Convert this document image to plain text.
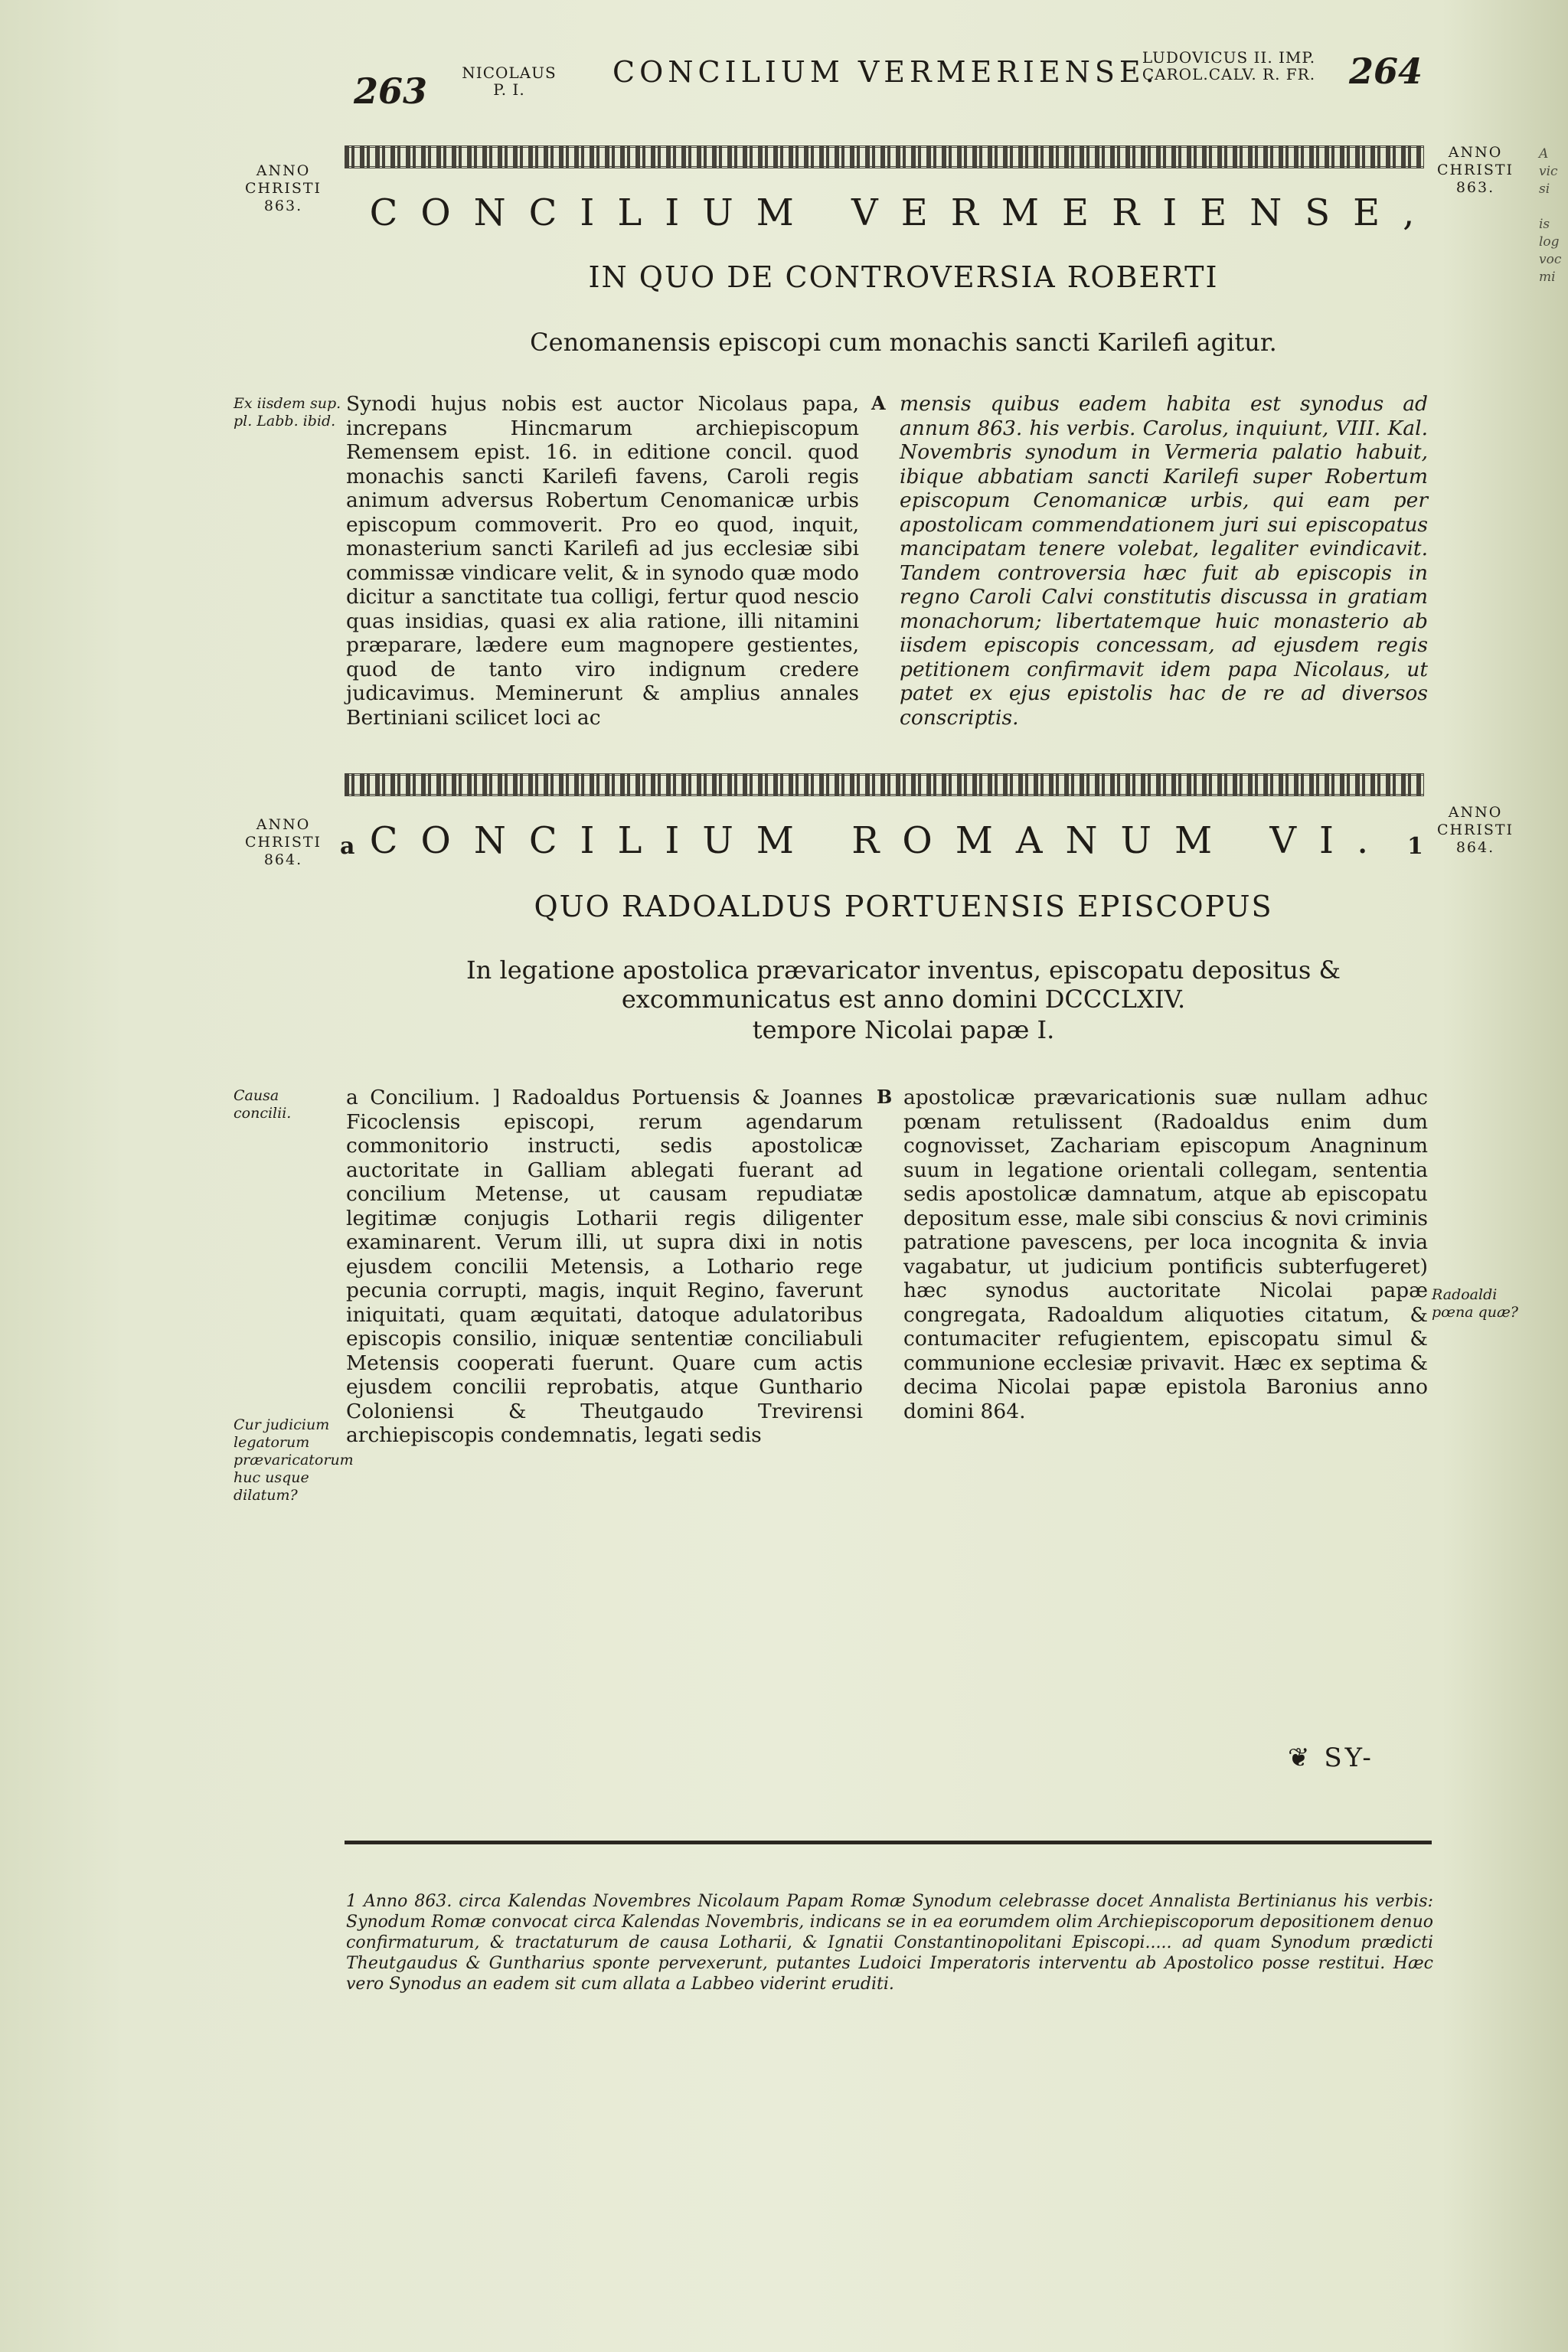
263 NICOLAUS
P. I.
CONCILIUM VERMERIENSE.
LUDOVICUS II. IMP.
CAROL.CALV. R. FR. 264
ANNO
CHRISTI
863.
ANNO
CHRISTI
863.
CONCILIUM VERMERIENSE,
IN QUO DE CONTROVERSIA ROBERTI
Cenomanensis episcopi cum monachis sancti Karilefi agitur.
Ex iisdem sup. pl. Labb. ibid.

Synodi hujus nobis est auctor Nicolaus papa, increpans Hincmarum archiepiscopum Remensem epist. 16. in editione concil. quod monachis sancti Karilefi favens, Caroli regis animum adversus Robertum Cenomanicæ urbis episcopum commoverit. Pro eo quod, inquit, monasterium sancti Karilefi ad jus ecclesiæ sibi commissæ vindicare velit, & in synodo quæ modo dicitur a sanctitate tua colligi, fertur quod nescio quas insidias, quasi ex alia ratione, illi nitamini præparare, lædere eum magnopere gestientes, quod de tanto viro indignum credere judicavimus. Meminerunt & amplius annales Bertiniani scilicet loci ac

A mensis quibus eadem habita est synodus ad annum 863. his verbis. Carolus, inquiunt, VIII. Kal. Novembris synodum in Vermeria palatio habuit, ibique abbatiam sancti Karilefi super Robertum episcopum Cenomanicæ urbis, qui eam per apostolicam commendationem juri sui episcopatus mancipatam tenere volebat, legaliter evindicavit. Tandem controversia hæc fuit ab episcopis in regno Caroli Calvi constitutis discussa in gratiam monachorum; libertatemque huic monasterio ab iisdem episcopis concessam, ad ejusdem regis petitionem confirmavit idem papa Nicolaus, ut patet ex ejus epistolis hac de re ad diversos conscriptis.

ANNO
CHRISTI
864.
ANNO
CHRISTI
864.
a CONCILIUM ROMANUM VI. 1
QUO RADOALDUS PORTUENSIS EPISCOPUS
In legatione apostolica prævaricator inventus, episcopatu depositus & excommunicatus est anno domini DCCCLXIV.
tempore Nicolai papæ I.
Causa concilii.
Cur judicium legatorum prævaricatorum huc usque dilatum?
Radoaldi pœna quæ?

a Concilium. ] Radoaldus Portuensis & Joannes Ficoclensis episcopi, rerum agendarum commonitorio instructi, sedis apostolicæ auctoritate in Galliam ablegati fuerant ad concilium Metense, ut causam repudiatæ legitimæ conjugis Lotharii regis diligenter examinarent. Verum illi, ut supra dixi in notis ejusdem concilii Metensis, a Lothario rege pecunia corrupti, magis, inquit Regino, faverunt iniquitati, quam æquitati, datoque adulatoribus episcopis consilio, iniquæ sententiæ conciliabuli Metensis cooperati fuerunt. Quare cum actis ejusdem concilii reprobatis, atque Gunthario Coloniensi & Theutgaudo Trevirensi archiepiscopis condemnatis, legati sedis

B apostolicæ prævaricationis suæ nullam adhuc pœnam retulissent (Radoaldus enim dum cognovisset, Zachariam episcopum Anagninum suum in legatione orientali collegam, sententia sedis apostolicæ damnatum, atque ab episcopatu depositum esse, male sibi conscius & novi criminis patratione pavescens, per loca incognita & invia vagabatur, ut judicium pontificis subterfugeret) hæc synodus auctoritate Nicolai papæ congregata, Radoaldum aliquoties citatum, & contumaciter refugientem, episcopatu simul & communione ecclesiæ privavit. Hæc ex septima & decima Nicolai papæ epistola Baronius anno domini 864.

❦ SY-
1 Anno 863. circa Kalendas Novembres Nicolaum Papam Romæ Synodum celebrasse docet Annalista Bertinianus his verbis: Synodum Romæ convocat circa Kalendas Novembris, indicans se in ea eorumdem olim Archiepiscoporum depositionem denuo confirmaturum, & tractaturum de causa Lotharii, & Ignatii Constantinopolitani Episcopi..... ad quam Synodum prædicti Theutgaudus & Guntharius sponte pervexerunt, putantes Ludoici Imperatoris interventu ab Apostolico posse restitui. Hæc vero Synodus an eadem sit cum allata a Labbeo viderint eruditi.
A
vic
si

is
log
voc
mi
